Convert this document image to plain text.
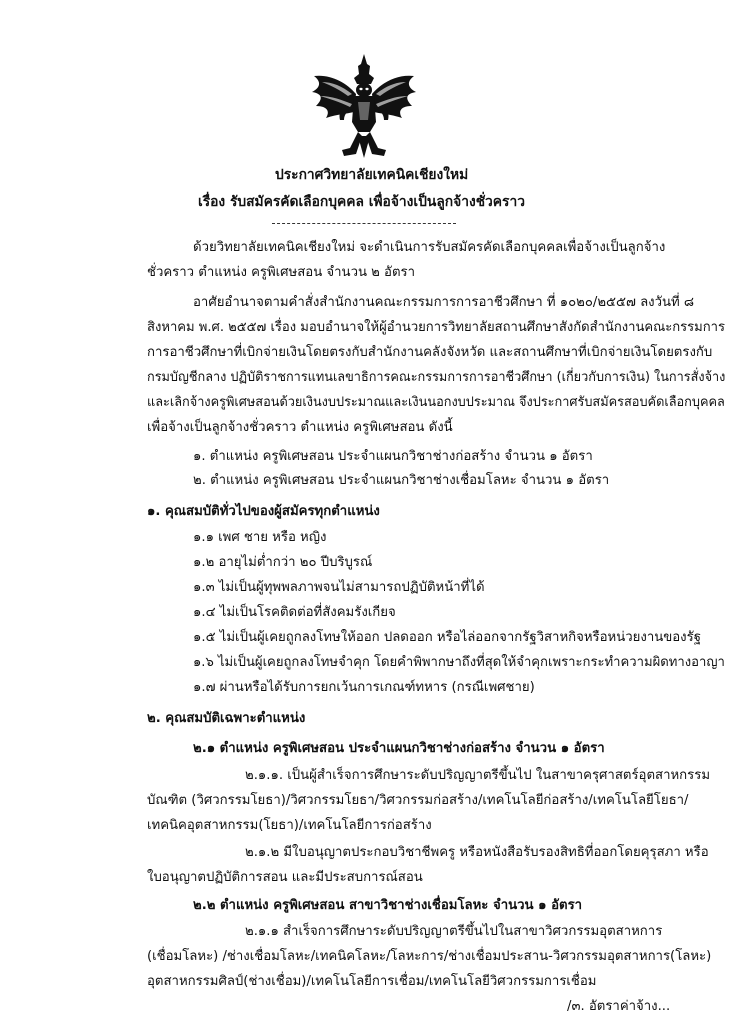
ประกาศวิทยาลัยเทคนิคเชียงใหม่
เรื่อง รับสมัครคัดเลือกบุคคล เพื่อจ้างเป็นลูกจ้างชั่วคราว
ด้วยวิทยาลัยเทคนิคเชียงใหม่ จะดำเนินการรับสมัครคัดเลือกบุคคลเพื่อจ้างเป็นลูกจ้าง
ชั่วคราว ตำแหน่ง ครูพิเศษสอน จำนวน ๒ อัตรา
อาศัยอำนาจตามคำสั่งสำนักงานคณะกรรมการการอาชีวศึกษา ที่ ๑๐๒๐/๒๕๕๗ ลงวันที่ ๘
สิงหาคม พ.ศ. ๒๕๕๗ เรื่อง มอบอำนาจให้ผู้อำนวยการวิทยาลัยสถานศึกษาสังกัดสำนักงานคณะกรรมการ
การอาชีวศึกษาที่เบิกจ่ายเงินโดยตรงกับสำนักงานคลังจังหวัด และสถานศึกษาที่เบิกจ่ายเงินโดยตรงกับ
กรมบัญชีกลาง ปฏิบัติราชการแทนเลขาธิการคณะกรรมการการอาชีวศึกษา (เกี่ยวกับการเงิน) ในการสั่งจ้าง
และเลิกจ้างครูพิเศษสอนด้วยเงินงบประมาณและเงินนอกงบประมาณ จึงประกาศรับสมัครสอบคัดเลือกบุคคล
เพื่อจ้างเป็นลูกจ้างชั่วคราว ตำแหน่ง ครูพิเศษสอน ดังนี้
๑. ตำแหน่ง ครูพิเศษสอน ประจำแผนกวิชาช่างก่อสร้าง จำนวน ๑ อัตรา
๒. ตำแหน่ง ครูพิเศษสอน ประจำแผนกวิชาช่างเชื่อมโลหะ จำนวน ๑ อัตรา
๑. คุณสมบัติทั่วไปของผู้สมัครทุกตำแหน่ง
๑.๑ เพศ ชาย หรือ หญิง
๑.๒ อายุไม่ต่ำกว่า ๒๐ ปีบริบูรณ์
๑.๓ ไม่เป็นผู้ทุพพลภาพจนไม่สามารถปฏิบัติหน้าที่ได้
๑.๔ ไม่เป็นโรคติดต่อที่สังคมรังเกียจ
๑.๕ ไม่เป็นผู้เคยถูกลงโทษให้ออก ปลดออก หรือไล่ออกจากรัฐวิสาหกิจหรือหน่วยงานของรัฐ
๑.๖ ไม่เป็นผู้เคยถูกลงโทษจำคุก โดยคำพิพากษาถึงที่สุดให้จำคุกเพราะกระทำความผิดทางอาญา
๑.๗ ผ่านหรือได้รับการยกเว้นการเกณฑ์ทหาร (กรณีเพศชาย)
๒. คุณสมบัติเฉพาะตำแหน่ง
๒.๑ ตำแหน่ง ครูพิเศษสอน ประจำแผนกวิชาช่างก่อสร้าง จำนวน ๑ อัตรา
๒.๑.๑. เป็นผู้สำเร็จการศึกษาระดับปริญญาตรีขึ้นไป ในสาขาครุศาสตร์อุตสาหกรรม
บัณฑิต (วิศวกรรมโยธา)/วิศวกรรมโยธา/วิศวกรรมก่อสร้าง/เทคโนโลยีก่อสร้าง/เทคโนโลยีโยธา/
เทคนิคอุตสาหกรรม(โยธา)/เทคโนโลยีการก่อสร้าง
๒.๑.๒ มีใบอนุญาตประกอบวิชาชีพครู หรือหนังสือรับรองสิทธิที่ออกโดยคุรุสภา หรือ
ใบอนุญาตปฏิบัติการสอน และมีประสบการณ์สอน
๒.๒ ตำแหน่ง ครูพิเศษสอน สาขาวิชาช่างเชื่อมโลหะ จำนวน ๑ อัตรา
๒.๑.๑ สำเร็จการศึกษาระดับปริญญาตรีขึ้นไปในสาขาวิศวกรรมอุตสาหการ
(เชื่อมโลหะ) /ช่างเชื่อมโลหะ/เทคนิคโลหะ/โลหะการ/ช่างเชื่อมประสาน-วิศวกรรมอุตสาหการ(โลหะ)
อุตสาหกรรมศิลป์(ช่างเชื่อม)/เทคโนโลยีการเชื่อม/เทคโนโลยีวิศวกรรมการเชื่อม
/๓. อัตราค่าจ้าง...
